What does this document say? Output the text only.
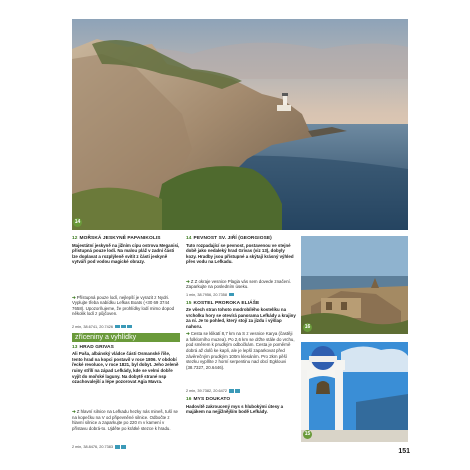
14
12 MOŘSKÁ JESKYNĚ PAPANIKOLIS

Majestátní jeskyně na jižním cípu ostrova Meganisi, přístupná pouze lodí. Na malou pláž v zadní části lze doplavat a rozplýleně svítit z části jeskyně vytváří pod vodou magické obrazy.

➔Přístupná pouze lodí, nejlepší je vyrazit z Nydri. Vyplujte třeba nabídku Lefkas Boats (+30 69 3744 7658). Upozorňujeme, že prohlídky lodí mimo dopod několik lodí z půjčoven.

2 min, 38.6741, 20.7426
zříceniny a vyhlídky
13 HRAD GRIVAS

Ali Paša, albánský vládce části Osmanské říše, tento hrad na kopci postavil v roce 1806. V období řecké revoluce, v roce 1821, byl dobyt. Jeho zeleně ruiny střílí na západ Lefkády, kde se velmi dobře vyjít do mořské laguny. Na dobytě strané nsp ozachovalejší a lépe pozorovat Agia Mavra.

➔Z hlavní silnice na Lefkadu hezky nás mineš, tuší se na kopečku na V od připevněné silnice. Odbočte z hlavní silnice a zaparkujte po 220 m v kamení v přístavu dobrá-to. Ujděte po krátké stezce k hradu.

2 min, 38.8476, 20.7383
14 PEVNOST SV. JIŘÍ (GEORGIOSE)

Tuto rozpadající se pevnost, postavenou ve stejné době jako nedaleký hrad Grivas (viz 13), dobyly kozy. Hradby jsou přístupné a skýtají krásný výhled přes vodu na Lefkadu.

➔Z Z okraje vesnice Plagia vás sem dovede značení. Zaparkujte na posledním úseku.

1 min, 38.7956, 20.7358
15 KOSTEL PROROKA ELIÁŠE

Ze všech stran tohoto modrobílého kostelíku na vrcholku hory se otevírá panorama Lefkády a krajiny za ní. Je to pohled, který stojí za jízdu i výšlap nahoru.

➔Cesta se klikatí 8,7 km na S z vesnice Karya (častěji a folklorního muzea). Po 2,6 km se držte stále do vrchu, pod směrem k prudkým odbočkám. Cesta je poměrně dobrá až dolů ke kapli, ale je lepší zaparkovat před závěrečným prudkým 100m klesáním. Pro 2km pěší stezku vyplňte z horní serpentinu nad obcí Egklouvi (38.7327, 20.6446).

2 min, 39.7382, 20.6472
16 MYS DOUKATO

Hadovitě zakroucený mys s hlubokými útesy a majákem na nejjižnějším bodě Lefkády.

16
15
151
